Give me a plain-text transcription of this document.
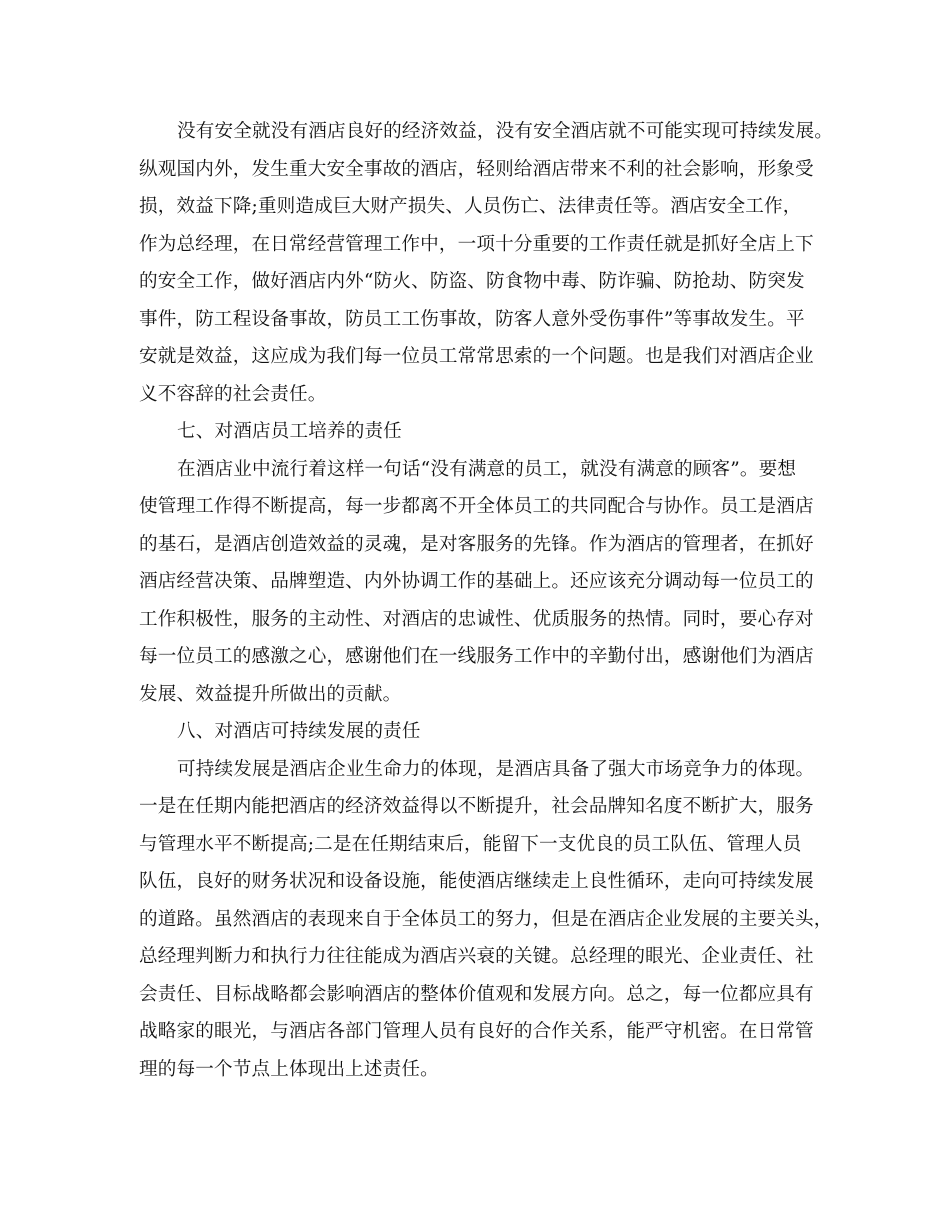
没有安全就没有酒店良好的经济效益，没有安全酒店就不可能实现可持续发展。
纵观国内外，发生重大安全事故的酒店，轻则给酒店带来不利的社会影响，形象受
损，效益下降;重则造成巨大财产损失、人员伤亡、法律责任等。酒店安全工作，
作为总经理，在日常经营管理工作中，一项十分重要的工作责任就是抓好全店上下
的安全工作，做好酒店内外“防火、防盗、防食物中毒、防诈骗、防抢劫、防突发
事件，防工程设备事故，防员工工伤事故，防客人意外受伤事件”等事故发生。平
安就是效益，这应成为我们每一位员工常常思索的一个问题。也是我们对酒店企业
义不容辞的社会责任。
七、对酒店员工培养的责任
在酒店业中流行着这样一句话“没有满意的员工，就没有满意的顾客”。要想
使管理工作得不断提高，每一步都离不开全体员工的共同配合与协作。员工是酒店
的基石，是酒店创造效益的灵魂，是对客服务的先锋。作为酒店的管理者，在抓好
酒店经营决策、品牌塑造、内外协调工作的基础上。还应该充分调动每一位员工的
工作积极性，服务的主动性、对酒店的忠诚性、优质服务的热情。同时，要心存对
每一位员工的感激之心，感谢他们在一线服务工作中的辛勤付出，感谢他们为酒店
发展、效益提升所做出的贡献。
八、对酒店可持续发展的责任
可持续发展是酒店企业生命力的体现，是酒店具备了强大市场竞争力的体现。
一是在任期内能把酒店的经济效益得以不断提升，社会品牌知名度不断扩大，服务
与管理水平不断提高;二是在任期结束后，能留下一支优良的员工队伍、管理人员
队伍，良好的财务状况和设备设施，能使酒店继续走上良性循环，走向可持续发展
的道路。虽然酒店的表现来自于全体员工的努力，但是在酒店企业发展的主要关头，
总经理判断力和执行力往往能成为酒店兴衰的关键。总经理的眼光、企业责任、社
会责任、目标战略都会影响酒店的整体价值观和发展方向。总之，每一位都应具有
战略家的眼光，与酒店各部门管理人员有良好的合作关系，能严守机密。在日常管
理的每一个节点上体现出上述责任。
